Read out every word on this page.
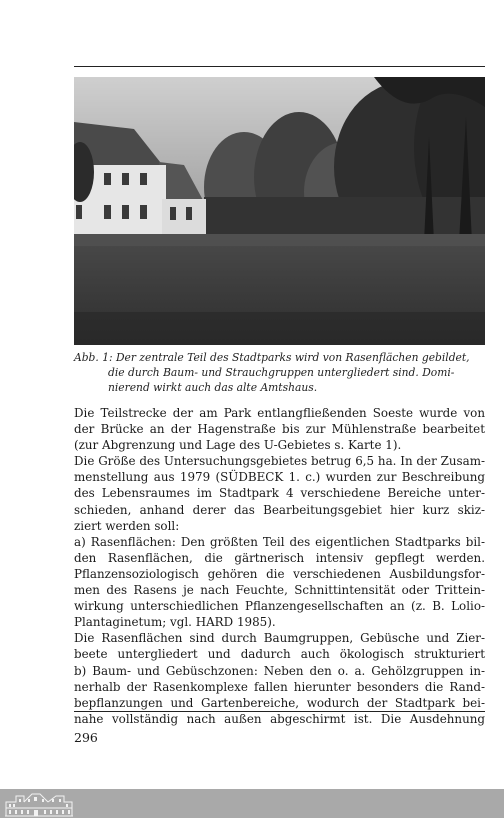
Abb. 1: Der zentrale Teil des Stadtparks wird von Rasenflächen gebildet,
die durch Baum- und Strauchgruppen untergliedert sind. Domi-
nierend wirkt auch das alte Amtshaus.
Die Teilstrecke der am Park entlangfließenden Soeste wurde von
der Brücke an der Hagenstraße bis zur Mühlenstraße bearbeitet
(zur Abgrenzung und Lage des U-Gebietes s. Karte 1).
Die Größe des Untersuchungsgebietes betrug 6,5 ha. In der Zusam-
menstellung aus 1979 (SÜDBECK 1. c.) wurden zur Beschreibung
des Lebensraumes im Stadtpark 4 verschiedene Bereiche unter-
schieden, anhand derer das Bearbeitungsgebiet hier kurz skiz-
ziert werden soll:
a) Rasenflächen: Den größten Teil des eigentlichen Stadtparks bil-
den Rasenflächen, die gärtnerisch intensiv gepflegt werden.
Pflanzensoziologisch gehören die verschiedenen Ausbildungsfor-
men des Rasens je nach Feuchte, Schnittintensität oder Trittein-
wirkung unterschiedlichen Pflanzengesellschaften an (z. B. Lolio-
Plantaginetum; vgl. HARD 1985).
Die Rasenflächen sind durch Baumgruppen, Gebüsche und Zier-
beete untergliedert und dadurch auch ökologisch strukturiert
b) Baum- und Gebüschzonen: Neben den o. a. Gehölzgruppen in-
nerhalb der Rasenkomplexe fallen hierunter besonders die Rand-
bepflanzungen und Gartenbereiche, wodurch der Stadtpark bei-
nahe vollständig nach außen abgeschirmt ist. Die Ausdehnung
296
